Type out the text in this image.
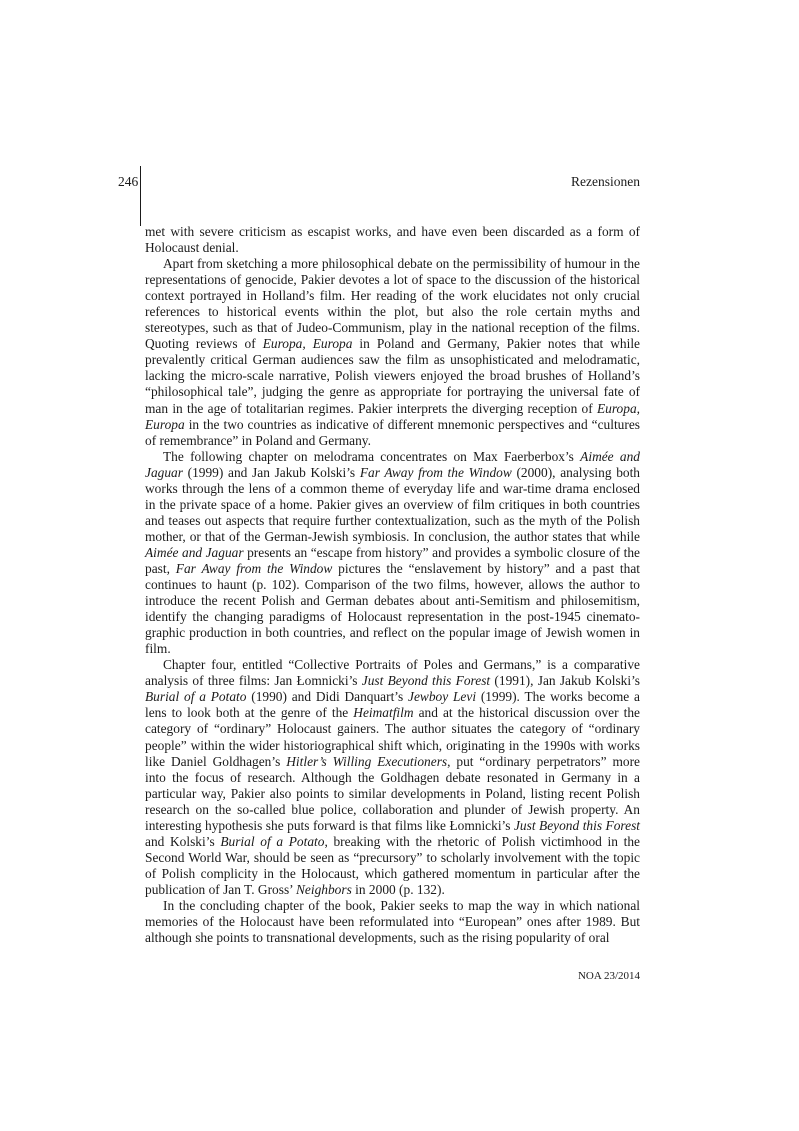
246	Rezensionen

met with severe criticism as escapist works, and have even been discarded as a form of Holocaust denial.

Apart from sketching a more philosophical debate on the permissibility of humour in the representations of genocide, Pakier devotes a lot of space to the discussion of the historical context portrayed in Holland’s film. Her reading of the work elucidates not only crucial references to historical events within the plot, but also the role certain myths and stereotypes, such as that of Judeo-Communism, play in the national reception of the films. Quoting reviews of Europa, Europa in Poland and Germany, Pakier notes that while prevalently critical German audiences saw the film as unsophisticated and melodramatic, lacking the micro-scale narrative, Polish viewers enjoyed the broad brushes of Holland’s “philosophical tale”, judging the genre as appropriate for portraying the universal fate of man in the age of totalitarian regimes. Pakier interprets the diverging reception of Europa, Europa in the two countries as indicative of different mnemonic perspectives and “cultures of remembrance” in Poland and Germany.

The following chapter on melodrama concentrates on Max Faerberbox’s Aimée and Jaguar (1999) and Jan Jakub Kolski’s Far Away from the Window (2000), analysing both works through the lens of a common theme of everyday life and war-time drama enclosed in the private space of a home. Pakier gives an overview of film critiques in both countries and teases out aspects that require further contextualization, such as the myth of the Polish mother, or that of the German-Jewish symbiosis. In conclusion, the author states that while Aimée and Jaguar presents an “escape from history” and provides a symbolic closure of the past, Far Away from the Window pictures the “enslavement by history” and a past that continues to haunt (p. 102). Comparison of the two films, however, allows the author to introduce the recent Polish and German debates about anti-Semitism and philosemitism, identify the changing paradigms of Holocaust representation in the post-1945 cinematographic production in both countries, and reflect on the popular image of Jewish women in film.

Chapter four, entitled “Collective Portraits of Poles and Germans,” is a comparative analysis of three films: Jan Łomnicki’s Just Beyond this Forest (1991), Jan Jakub Kolski’s Burial of a Potato (1990) and Didi Danquart’s Jewboy Levi (1999). The works become a lens to look both at the genre of the Heimatfilm and at the historical discussion over the category of “ordinary” Holocaust gainers. The author situates the category of “ordinary people” within the wider historiographical shift which, originating in the 1990s with works like Daniel Goldhagen’s Hitler’s Willing Executioners, put “ordinary perpetrators” more into the focus of research. Although the Goldhagen debate resonated in Germany in a particular way, Pakier also points to similar developments in Poland, listing recent Polish research on the so-called blue police, collaboration and plunder of Jewish property. An interesting hypothesis she puts forward is that films like Łomnicki’s Just Beyond this Forest and Kolski’s Burial of a Potato, breaking with the rhetoric of Polish victimhood in the Second World War, should be seen as “precursory” to scholarly involvement with the topic of Polish complicity in the Holocaust, which gathered momentum in particular after the publication of Jan T. Gross’ Neighbors in 2000 (p. 132).

In the concluding chapter of the book, Pakier seeks to map the way in which national memories of the Holocaust have been reformulated into “European” ones after 1989. But although she points to transnational developments, such as the rising popularity of oral

NOA 23/2014
